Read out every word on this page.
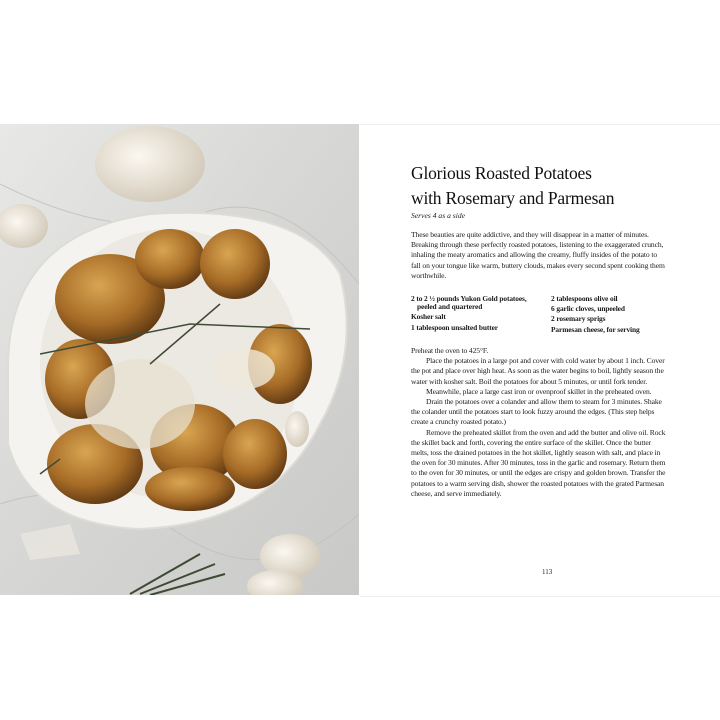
Glorious Roasted Potatoes
with Rosemary and Parmesan
Serves 4 as a side
These beauties are quite addictive, and they will disappear in a matter of minutes.
Breaking through these perfectly roasted potatoes, listening to the exaggerated crunch,
inhaling the meaty aromatics and allowing the creamy, fluffy insides of the potato to
fall on your tongue like warm, buttery clouds, makes every second spent cooking them
worthwhile.
2 to 2 ½ pounds Yukon Gold potatoes,
peeled and quartered
Kosher salt
1 tablespoon unsalted butter
2 tablespoons olive oil
6 garlic cloves, unpeeled
2 rosemary sprigs
Parmesan cheese, for serving
Preheat the oven to 425°F.
Place the potatoes in a large pot and cover with cold water by about 1 inch. Cover
the pot and place over high heat. As soon as the water begins to boil, lightly season the
water with kosher salt. Boil the potatoes for about 5 minutes, or until fork tender.
Meanwhile, place a large cast iron or ovenproof skillet in the preheated oven.
Drain the potatoes over a colander and allow them to steam for 3 minutes. Shake
the colander until the potatoes start to look fuzzy around the edges. (This step helps
create a crunchy roasted potato.)
Remove the preheated skillet from the oven and add the butter and olive oil. Rock
the skillet back and forth, covering the entire surface of the skillet. Once the butter
melts, toss the drained potatoes in the hot skillet, lightly season with salt, and place in
the oven for 30 minutes. After 30 minutes, toss in the garlic and rosemary. Return them
to the oven for 30 minutes, or until the edges are crispy and golden brown. Transfer the
potatoes to a warm serving dish, shower the roasted potatoes with the grated Parmesan
cheese, and serve immediately.
113
